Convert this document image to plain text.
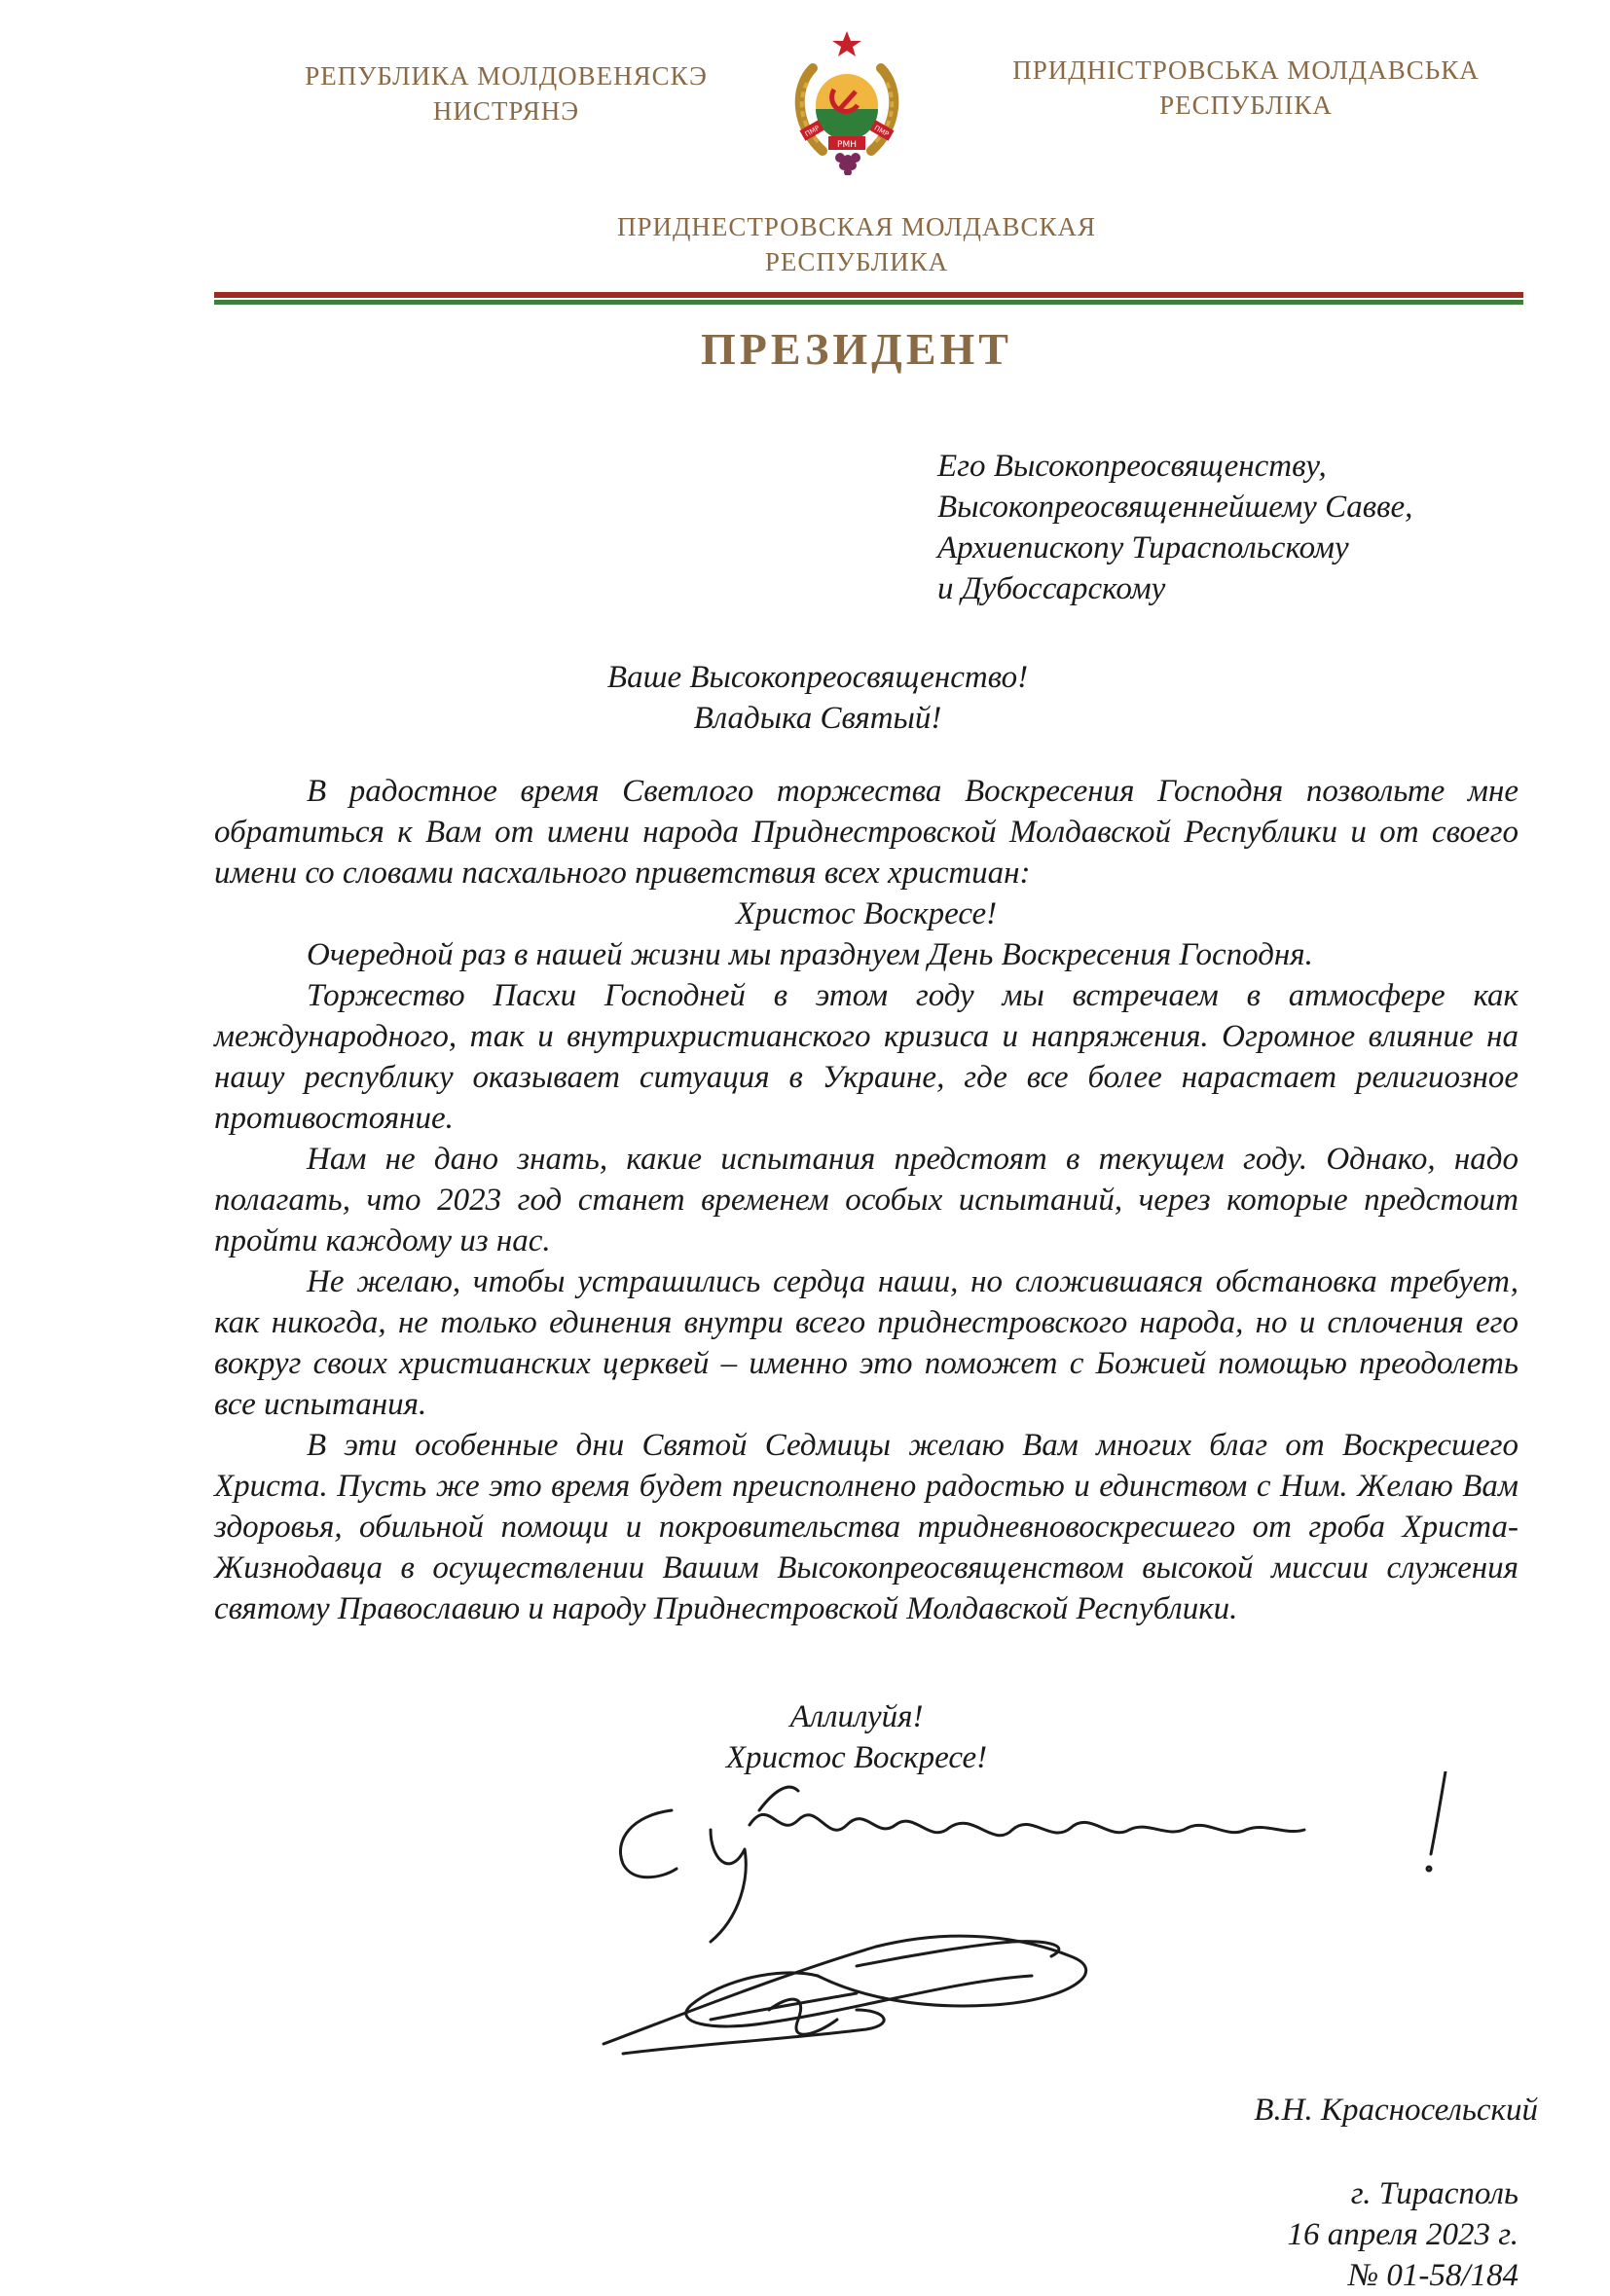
РЕПУБЛИКА МОЛДОВЕНЯСКЭ
НИСТРЯНЭ
ПМР	ПМР
РМН
ПРИДНІСТРОВСЬКА МОЛДАВСЬКА
РЕСПУБЛІКА
ПРИДНЕСТРОВСКАЯ МОЛДАВСКАЯ
РЕСПУБЛИКА
ПРЕЗИДЕНТ
Его Высокопреосвященству,
Высокопреосвященнейшему Савве,
Архиепископу Тираспольскому
и Дубоссарскому
Ваше Высокопреосвященство!
Владыка Святый!

В радостное время Светлого торжества Воскресения Господня позвольте мне обратиться к Вам от имени народа Приднестровской Молдавской Республики и от своего имени со словами пасхального приветствия всех христиан:

Христос Воскресе!

Очередной раз в нашей жизни мы празднуем День Воскресения Господня.

Торжество Пасхи Господней в этом году мы встречаем в атмосфере как международного, так и внутрихристианского кризиса и напряжения. Огромное влияние на нашу республику оказывает ситуация в Украине, где все более нарастает религиозное противостояние.

Нам не дано знать, какие испытания предстоят в текущем году. Однако, надо полагать, что 2023 год станет временем особых испытаний, через которые предстоит пройти каждому из нас.

Не желаю, чтобы устрашились сердца наши, но сложившаяся обстановка требует, как никогда, не только единения внутри всего приднестровского народа, но и сплочения его вокруг своих христианских церквей – именно это поможет с Божией помощью преодолеть все испытания.

В эти особенные дни Святой Седмицы желаю Вам многих благ от Воскресшего Христа. Пусть же это время будет преисполнено радостью и единством с Ним. Желаю Вам здоровья, обильной помощи и покровительства тридневновоскресшего от гроба Христа-Жизнодавца в осуществлении Вашим Высокопреосвященством высокой миссии служения святому Православию и народу Приднестровской Молдавской Республики.

Аллилуйя!
Христос Воскресе!
В.Н. Красносельский
г. Тирасполь
16 апреля 2023 г.
№ 01-58/184
